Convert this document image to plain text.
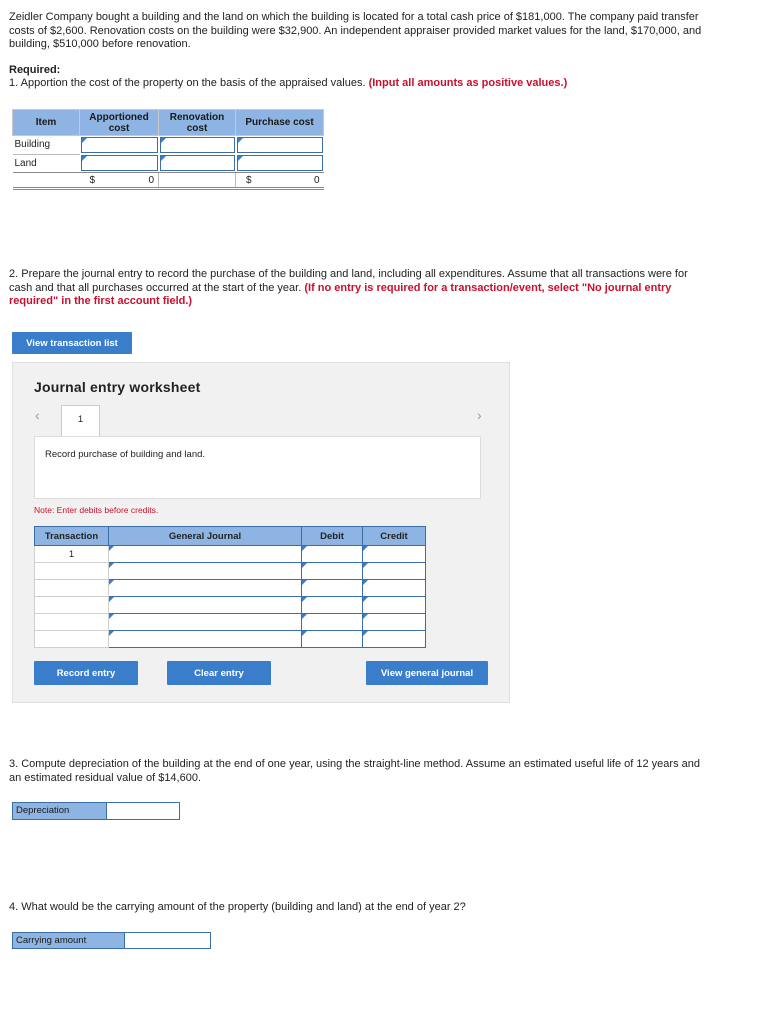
Zeidler Company bought a building and the land on which the building is located for a total cash price of $181,000. The company paid transfer costs of $2,600. Renovation costs on the building were $32,900. An independent appraiser provided market values for the land, $170,000, and building, $510,000 before renovation.
Required:
1. Apportion the cost of the property on the basis of the appraised values. (Input all amounts as positive values.)
Item	Apportioned cost	Renovation cost	Purchase cost
Building	

Land	

	$ 0		$ 0
2. Prepare the journal entry to record the purchase of the building and land, including all expenditures. Assume that all transactions were for cash and that all purchases occurred at the start of the year. (If no entry is required for a transaction/event, select "No journal entry required" in the first account field.)
View transaction list
Journal entry worksheet
‹	1	›
Record purchase of building and land.
Note: Enter debits before credits.
Transaction	General Journal	Debit	Credit
1			

Record entry	Clear entry	View general journal
3. Compute depreciation of the building at the end of one year, using the straight-line method. Assume an estimated useful life of 12 years and an estimated residual value of $14,600.
Depreciation
4. What would be the carrying amount of the property (building and land) at the end of year 2?
Carrying amount
